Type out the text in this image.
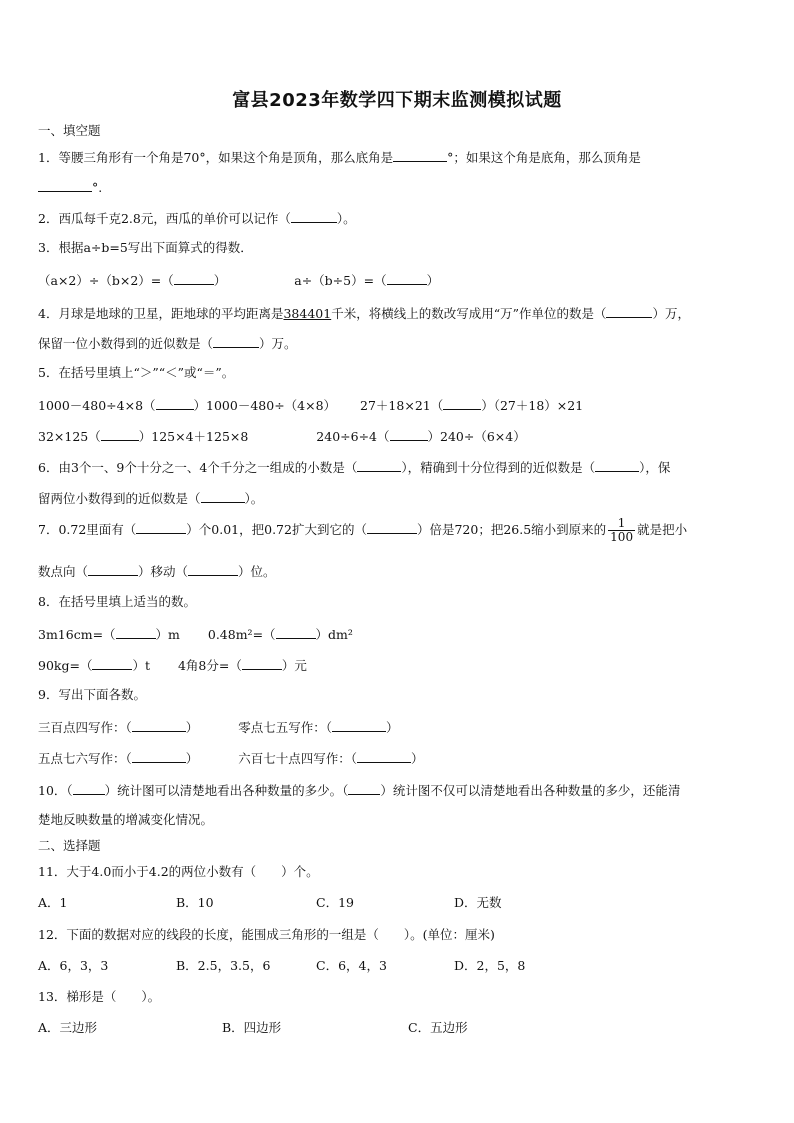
富县2023年数学四下期末监测模拟试题
一、填空题
1．等腰三角形有一个角是70°，如果这个角是顶角，那么底角是	°；如果这个角是底角，那么顶角是
°.
2．西瓜每千克2.8元，西瓜的单价可以记作（	）。
3．根据a÷b=5写出下面算式的得数．
（a×2）÷（b×2）=（	）	a÷（b÷5）=（	）
4．月球是地球的卫星，距地球的平均距离是384401千米，将横线上的数改写成用“万”作单位的数是（	）万，
保留一位小数得到的近似数是（	）万。
5．在括号里填上“＞”“＜”或“＝”。
1000－480÷4×8（	）1000－480÷（4×8） 27＋18×21（	）（27＋18）×21
32×125（	）125×4＋125×8	240÷6÷4（	）240÷（6×4）
6．由3个一、9个十分之一、4个千分之一组成的小数是（	），精确到十分位得到的近似数是（	），保
留两位小数得到的近似数是（	）。
7．0.72里面有（	）个0.01，把0.72扩大到它的（	）倍是720；把26.5缩小到原来的 $\frac{1}{100}$ 就是把小
数点向（	）移动（	）位。
8．在括号里填上适当的数。
3m16cm=（	）m 0.48m²=（	）dm²
90kg=（	）t 4角8分=（	）元
9．写出下面各数。
三百点四写作：（	）	零点七五写作：（	）
五点七六写作：（	）	六百七十点四写作：（	）
10．（	）统计图可以清楚地看出各种数量的多少。（	）统计图不仅可以清楚地看出各种数量的多少，还能清
楚地反映数量的增减变化情况。
二、选择题
11．大于4.0而小于4.2的两位小数有（　　）个。
A．1	B．10	C．19	D．无数
12．下面的数据对应的线段的长度，能围成三角形的一组是（　　）。(单位：厘米)
A．6，3，3	B．2.5，3.5，6	C．6，4，3	D．2，5，8
13．梯形是（　　）。
A．三边形	B．四边形	C．五边形
